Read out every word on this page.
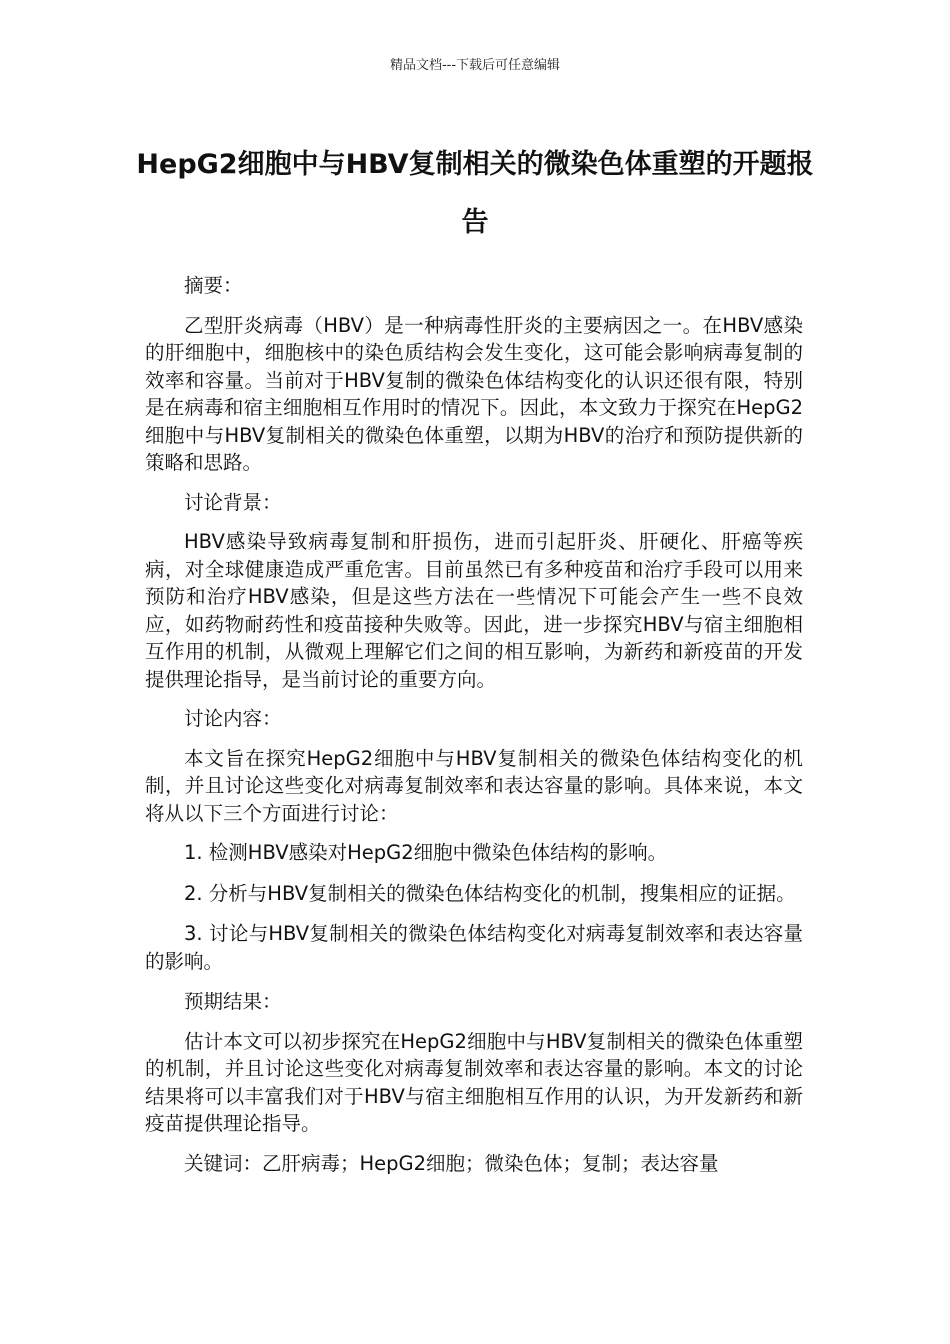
精品文档---下载后可任意编辑
HepG2细胞中与HBV复制相关的微染色体重塑的开题报告

摘要：

乙型肝炎病毒（HBV）是一种病毒性肝炎的主要病因之一。在HBV感染的肝细胞中，细胞核中的染色质结构会发生变化，这可能会影响病毒复制的效率和容量。当前对于HBV复制的微染色体结构变化的认识还很有限，特别是在病毒和宿主细胞相互作用时的情况下。因此，本文致力于探究在HepG2细胞中与HBV复制相关的微染色体重塑，以期为HBV的治疗和预防提供新的策略和思路。

讨论背景：

HBV感染导致病毒复制和肝损伤，进而引起肝炎、肝硬化、肝癌等疾病，对全球健康造成严重危害。目前虽然已有多种疫苗和治疗手段可以用来预防和治疗HBV感染，但是这些方法在一些情况下可能会产生一些不良效应，如药物耐药性和疫苗接种失败等。因此，进一步探究HBV与宿主细胞相互作用的机制，从微观上理解它们之间的相互影响，为新药和新疫苗的开发提供理论指导，是当前讨论的重要方向。

讨论内容：

本文旨在探究HepG2细胞中与HBV复制相关的微染色体结构变化的机制，并且讨论这些变化对病毒复制效率和表达容量的影响。具体来说，本文将从以下三个方面进行讨论：

1. 检测HBV感染对HepG2细胞中微染色体结构的影响。

2. 分析与HBV复制相关的微染色体结构变化的机制，搜集相应的证据。

3. 讨论与HBV复制相关的微染色体结构变化对病毒复制效率和表达容量的影响。

预期结果：

估计本文可以初步探究在HepG2细胞中与HBV复制相关的微染色体重塑的机制，并且讨论这些变化对病毒复制效率和表达容量的影响。本文的讨论结果将可以丰富我们对于HBV与宿主细胞相互作用的认识，为开发新药和新疫苗提供理论指导。

关键词：乙肝病毒；HepG2细胞；微染色体；复制；表达容量
